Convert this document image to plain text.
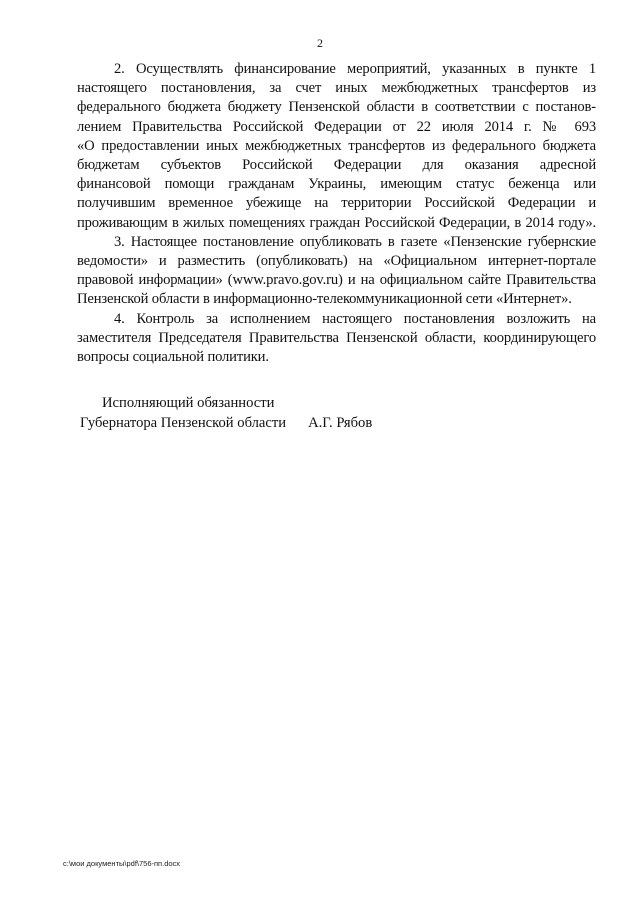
2
2. Осуществлять финансирование мероприятий, указанных в пункте 1
настоящего постановления, за счет иных межбюджетных трансфертов из
федерального бюджета бюджету Пензенской области в соответствии с постанов-
лением Правительства Российской Федерации от 22 июля 2014 г. № 693
«О предоставлении иных межбюджетных трансфертов из федерального бюджета
бюджетам субъектов Российской Федерации для оказания адресной
финансовой помощи гражданам Украины, имеющим статус беженца или
получившим временное убежище на территории Российской Федерации и
проживающим в жилых помещениях граждан Российской Федерации, в 2014 году».
3. Настоящее постановление опубликовать в газете «Пензенские губернские
ведомости» и разместить (опубликовать) на «Официальном интернет-портале
правовой информации» (www.pravo.gov.ru) и на официальном сайте Правительства
Пензенской области в информационно-телекоммуникационной сети «Интернет».
4. Контроль за исполнением настоящего постановления возложить на
заместителя Председателя Правительства Пензенской области, координирующего
вопросы социальной политики.
Исполняющий обязанности
Губернатора Пензенской области А.Г. Рябов
c:\мои документы\pdf\756-пп.docx
